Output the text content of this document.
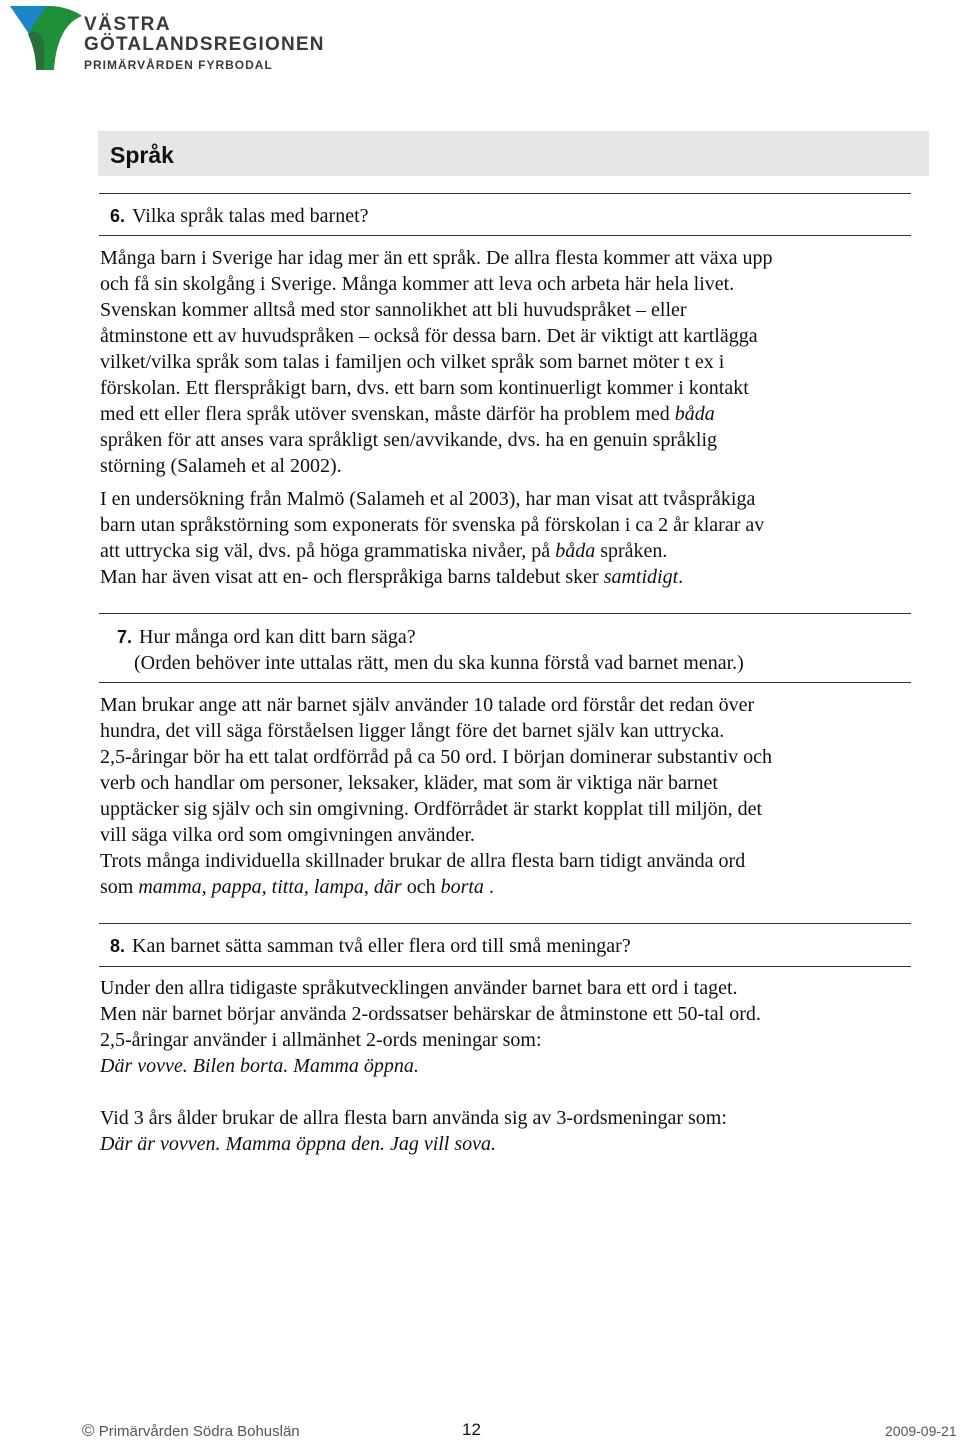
VÄSTRA
GÖTALANDSREGIONEN
PRIMÄRVÅRDEN FYRBODAL
Språk
6. Vilka språk talas med barnet?
Många barn i Sverige har idag mer än ett språk. De allra flesta kommer att växa upp
och få sin skolgång i Sverige. Många kommer att leva och arbeta här hela livet.
Svenskan kommer alltså med stor sannolikhet att bli huvudspråket – eller
åtminstone ett av huvudspråken – också för dessa barn. Det är viktigt att kartlägga
vilket/vilka språk som talas i familjen och vilket språk som barnet möter t ex i
förskolan. Ett flerspråkigt barn, dvs. ett barn som kontinuerligt kommer i kontakt
med ett eller flera språk utöver svenskan, måste därför ha problem med båda
språken för att anses vara språkligt sen/avvikande, dvs. ha en genuin språklig
störning (Salameh et al 2002).
I en undersökning från Malmö (Salameh et al 2003), har man visat att tvåspråkiga
barn utan språkstörning som exponerats för svenska på förskolan i ca 2 år klarar av
att uttrycka sig väl, dvs. på höga grammatiska nivåer, på båda språken.
Man har även visat att en- och flerspråkiga barns taldebut sker samtidigt.
7. Hur många ord kan ditt barn säga?
(Orden behöver inte uttalas rätt, men du ska kunna förstå vad barnet menar.)
Man brukar ange att när barnet själv använder 10 talade ord förstår det redan över
hundra, det vill säga förståelsen ligger långt före det barnet själv kan uttrycka.
2,5-åringar bör ha ett talat ordförråd på ca 50 ord. I början dominerar substantiv och
verb och handlar om personer, leksaker, kläder, mat som är viktiga när barnet
upptäcker sig själv och sin omgivning. Ordförrådet är starkt kopplat till miljön, det
vill säga vilka ord som omgivningen använder.
Trots många individuella skillnader brukar de allra flesta barn tidigt använda ord
som mamma, pappa, titta, lampa, där och borta .
8. Kan barnet sätta samman två eller flera ord till små meningar?
Under den allra tidigaste språkutvecklingen använder barnet bara ett ord i taget.
Men när barnet börjar använda 2-ordssatser behärskar de åtminstone ett 50-tal ord.
2,5-åringar använder i allmänhet 2-ords meningar som:
Där vovve. Bilen borta. Mamma öppna.
Vid 3 års ålder brukar de allra flesta barn använda sig av 3-ordsmeningar som:
Där är vovven. Mamma öppna den. Jag vill sova.
© Primärvården Södra Bohuslän	12	2009-09-21
